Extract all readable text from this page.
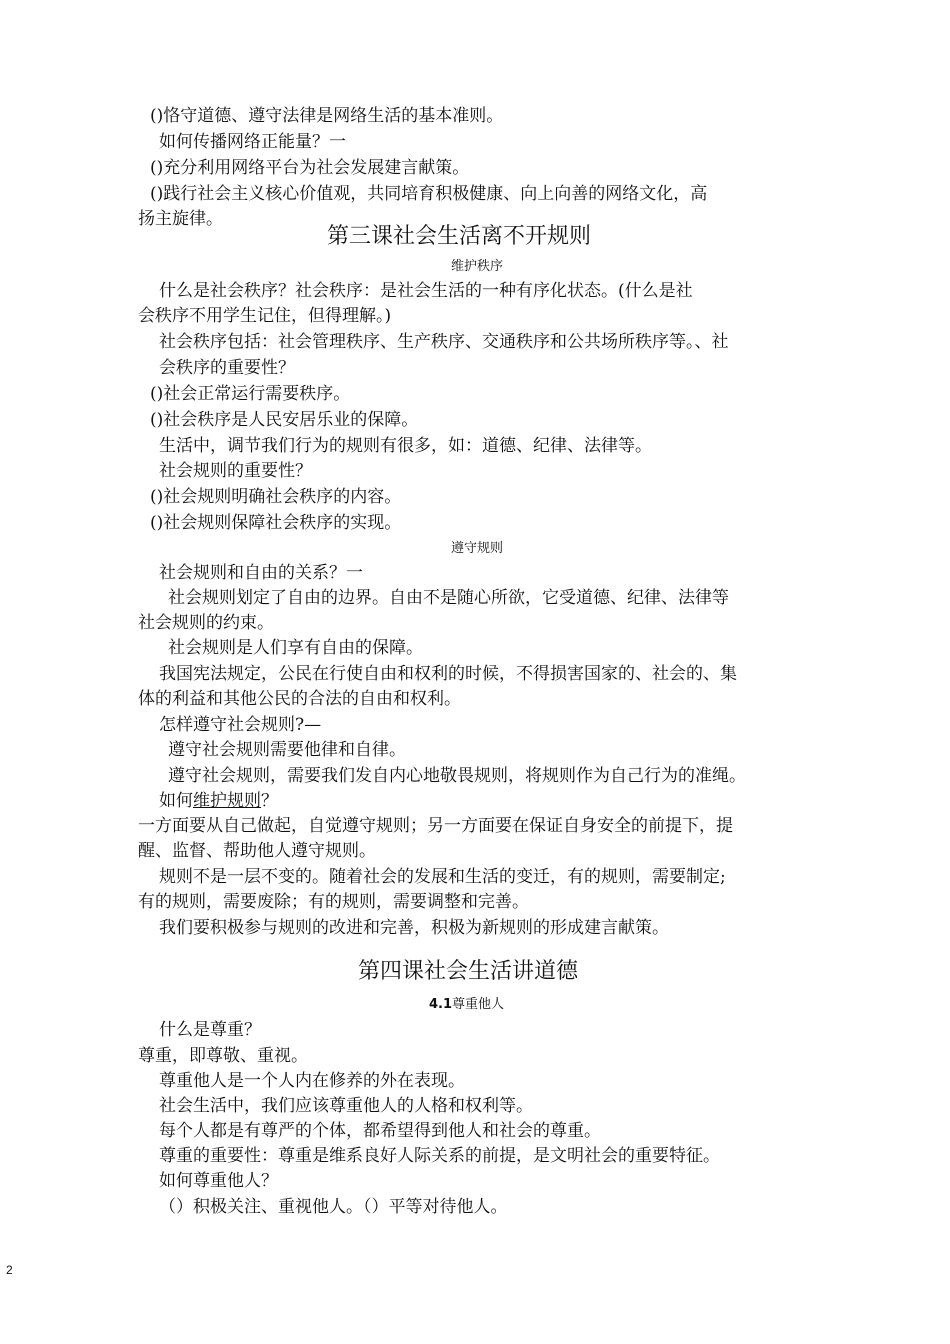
()恪守道德、遵守法律是网络生活的基本准则。
如何传播网络正能量？一
()充分利用网络平台为社会发展建言献策。
()践行社会主义核心价值观，共同培育积极健康、向上向善的网络文化，高
扬主旋律。
第三课社会生活离不开规则
维护秩序
什么是社会秩序？社会秩序：是社会生活的一种有序化状态。(什么是社
会秩序不用学生记住，但得理解。)
社会秩序包括：社会管理秩序、生产秩序、交通秩序和公共场所秩序等。、社
会秩序的重要性？
()社会正常运行需要秩序。
()社会秩序是人民安居乐业的保障。
生活中，调节我们行为的规则有很多，如：道德、纪律、法律等。
社会规则的重要性？
()社会规则明确社会秩序的内容。
()社会规则保障社会秩序的实现。
遵守规则
社会规则和自由的关系？一
社会规则划定了自由的边界。自由不是随心所欲，它受道德、纪律、法律等
社会规则的约束。
社会规则是人们享有自由的保障。
我国宪法规定，公民在行使自由和权利的时候，不得损害国家的、社会的、集
体的利益和其他公民的合法的自由和权利。
怎样遵守社会规则?—
遵守社会规则需要他律和自律。
遵守社会规则，需要我们发自内心地敬畏规则，将规则作为自己行为的准绳。
如何维护规则？
一方面要从自己做起，自觉遵守规则；另一方面要在保证自身安全的前提下，提
醒、监督、帮助他人遵守规则。
规则不是一层不变的。随着社会的发展和生活的变迁，有的规则，需要制定;
有的规则，需要废除；有的规则，需要调整和完善。
我们要积极参与规则的改进和完善，积极为新规则的形成建言献策。
第四课社会生活讲道德
4.1尊重他人
什么是尊重？
尊重，即尊敬、重视。
尊重他人是一个人内在修养的外在表现。
社会生活中，我们应该尊重他人的人格和权利等。
每个人都是有尊严的个体，都希望得到他人和社会的尊重。
尊重的重要性：尊重是维系良好人际关系的前提，是文明社会的重要特征。
如何尊重他人？
（）积极关注、重视他人。（）平等对待他人。
2
